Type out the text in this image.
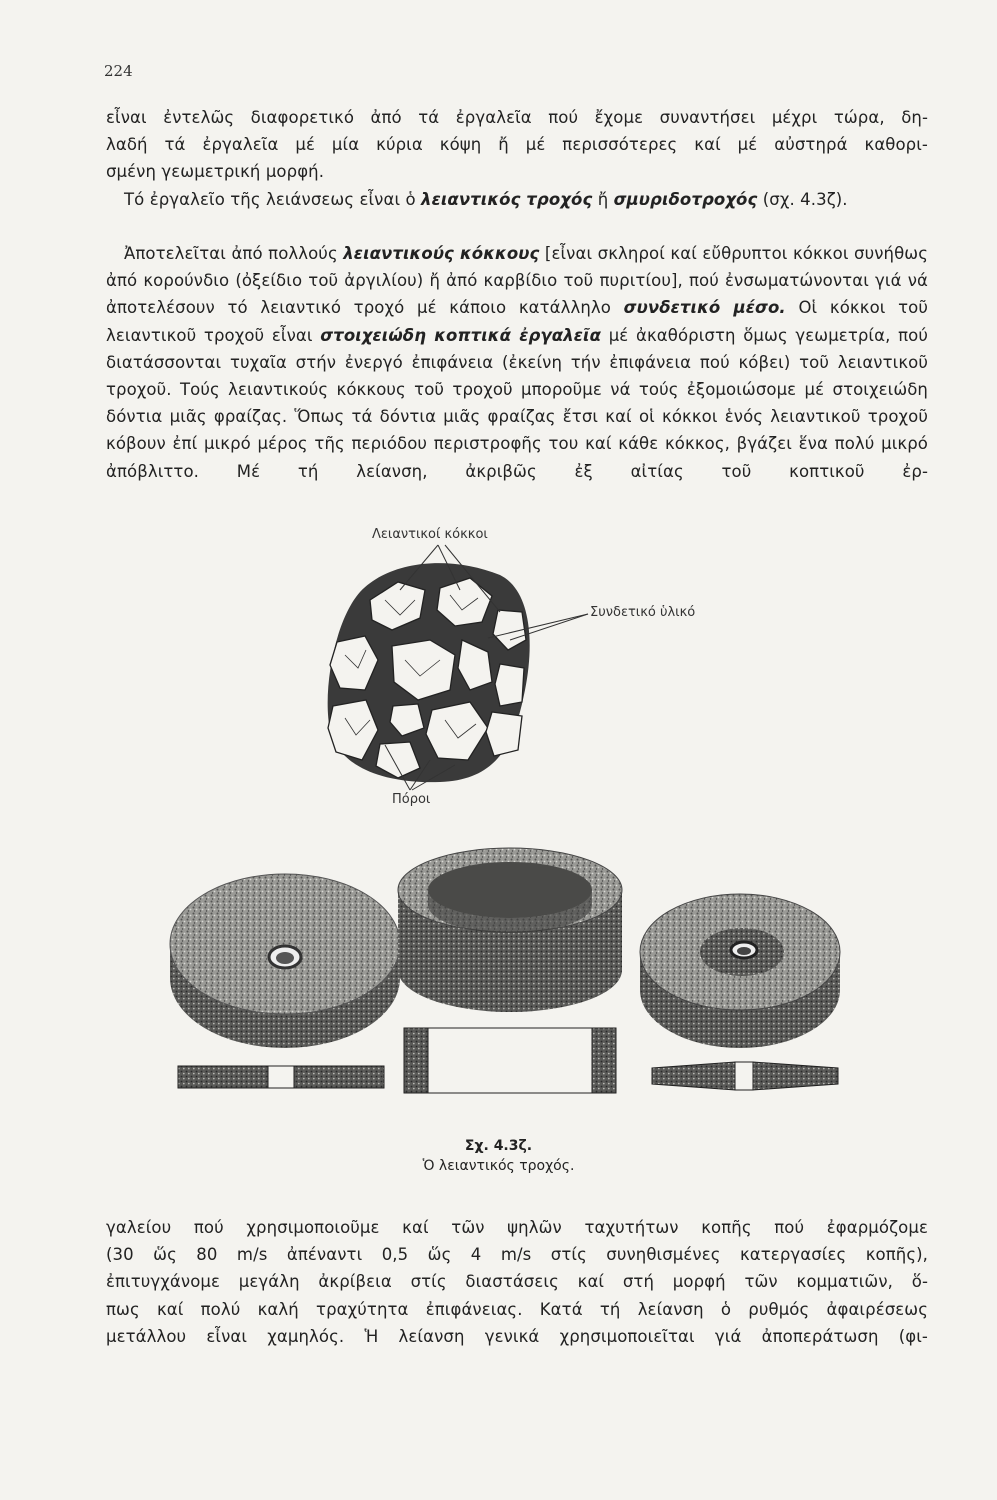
224
εἶναι ἐντελῶς διαφορετικό ἀπό τά ἐργαλεῖα πού ἔχομε συναντήσει μέχρι τώρα, δη-
λαδή τά ἐργαλεῖα μέ μία κύρια κόψη ἤ μέ περισσότερες καί μέ αὐστηρά καθορι-
σμένη γεωμετρική μορφή.

Τό ἐργαλεῖο τῆς λειάνσεως εἶναι ὁ λειαντικός τροχός ἤ σμυριδοτροχός (σχ. 4.3ζ).

Ἀποτελεῖται ἀπό πολλούς λειαντικούς κόκκους [εἶναι σκληροί καί εὔθρυπτοι κόκκοι συνήθως ἀπό κορούνδιο (ὀξείδιο τοῦ ἀργιλίου) ἤ ἀπό καρβίδιο τοῦ πυριτίου], πού ἐνσωματώνονται γιά νά ἀποτελέσουν τό λειαντικό τροχό μέ κάποιο κατάλληλο συνδετικό μέσο. Οἱ κόκκοι τοῦ λειαντικοῦ τροχοῦ εἶναι στοιχειώδη κοπτικά ἐργαλεῖα μέ ἀκαθόριστη ὅμως γεωμετρία, πού διατάσσονται τυχαῖα στήν ἐνεργό ἐπιφάνεια (ἐκείνη τήν ἐπιφάνεια πού κόβει) τοῦ λειαντικοῦ τροχοῦ. Τούς λειαντικούς κόκκους τοῦ τροχοῦ μποροῦμε νά τούς ἐξομοιώσομε μέ στοιχειώδη δόντια μιᾶς φραίζας. Ὅπως τά δόντια μιᾶς φραίζας ἔτσι καί οἱ κόκκοι ἑνός λειαντικοῦ τροχοῦ κόβουν ἐπί μικρό μέρος τῆς περιόδου περιστροφῆς του καί κάθε κόκκος, βγάζει ἕνα πολύ μικρό ἀπόβλιττο. Μέ τή λείανση, ἀκριβῶς ἐξ αἰτίας τοῦ κοπτικοῦ ἐρ-

Λειαντικοί κόκκοι
Συνδετικό ὑλικό
Πόροι
Σχ. 4.3ζ.
Ὁ λειαντικός τροχός.
γαλείου πού χρησιμοποιοῦμε καί τῶν ψηλῶν ταχυτήτων κοπῆς πού ἐφαρμόζομε
(30 ὥς 80 m/s ἀπέναντι 0,5 ὥς 4 m/s στίς συνηθισμένες κατεργασίες κοπῆς),
ἐπιτυγχάνομε μεγάλη ἀκρίβεια στίς διαστάσεις καί στή μορφή τῶν κομματιῶν, ὅ-
πως καί πολύ καλή τραχύτητα ἐπιφάνειας. Κατά τή λείανση ὁ ρυθμός ἀφαιρέσεως
μετάλλου εἶναι χαμηλός. Ἡ λείανση γενικά χρησιμοποιεῖται γιά ἀποπεράτωση (φι-
